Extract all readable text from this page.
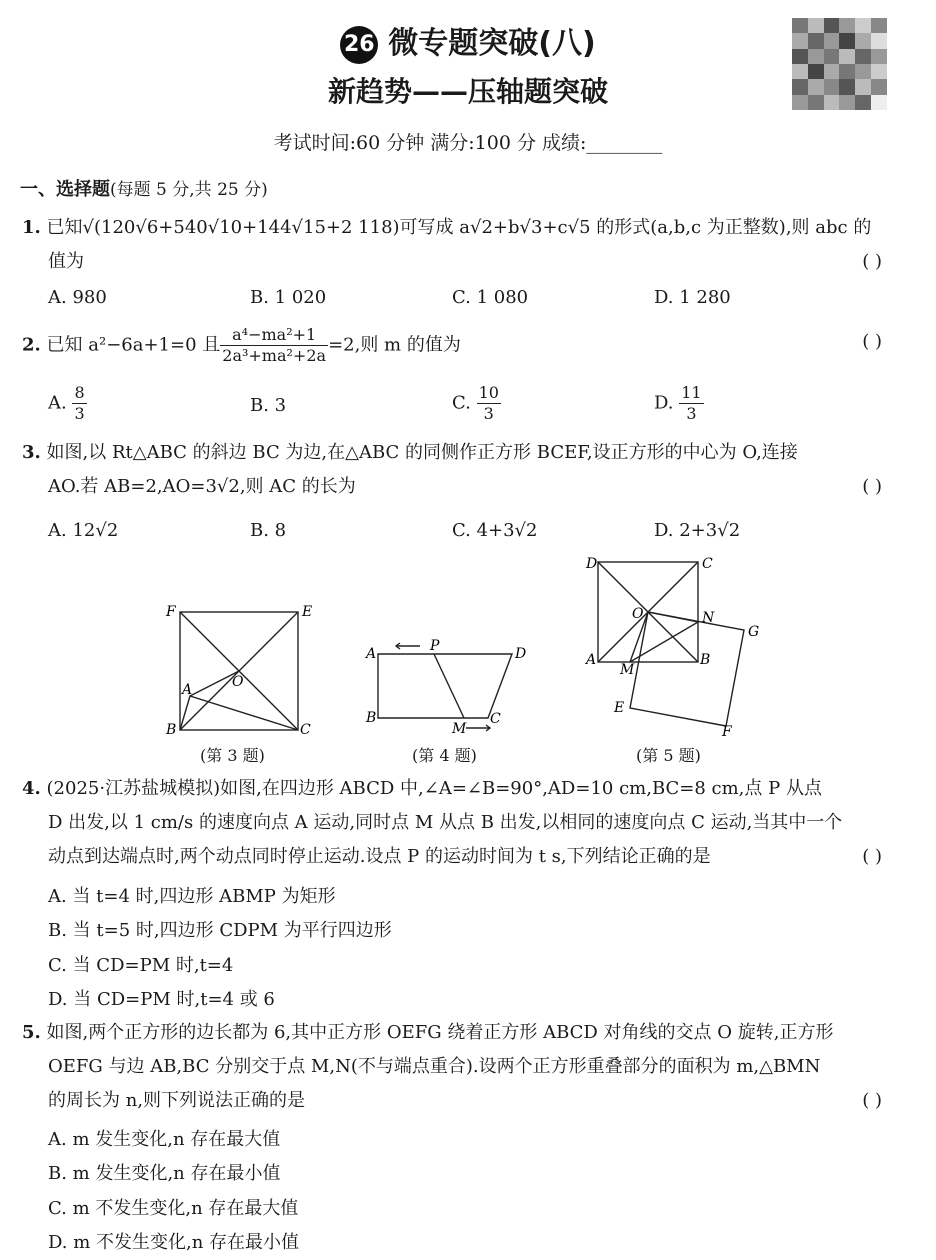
26 微专题突破(八)
新趋势——压轴题突破
考试时间:60 分钟 满分:100 分 成绩:________
一、选择题(每题 5 分,共 25 分)
1. 已知√(120√6+540√10+144√15+2 118)可写成 a√2+b√3+c√5 的形式(a,b,c 为正整数),则 abc 的
值为	( )
A. 980	B. 1 020	C. 1 080	D. 1 280
2. 已知 a²−6a+1=0 且 $\frac{\text{a⁴−ma²+1}}{\text{2a³+ma²+2a}} =2$,则 m 的值为	( )
A. $\frac{8}{3}$	B. 3	C. $\frac{10}{3}$	D. $\frac{11}{3}$
3. 如图,以 Rt△ABC 的斜边 BC 为边,在△ABC 的同侧作正方形 BCEF,设正方形的中心为 O,连接
AO.若 AB=2,AO=3√2,则 AC 的长为	( )
A. 12√2	B. 8	C. 4+3√2	D. 2+3√2
F	E
O
A
B	C
(第 3 题)
A	P	D
B
M
C
(第 4 题)
D	C
O	N
G
A
M
B
E
F
(第 5 题)
4. (2025·江苏盐城模拟)如图,在四边形 ABCD 中,∠A=∠B=90°,AD=10 cm,BC=8 cm,点 P 从点
D 出发,以 1 cm/s 的速度向点 A 运动,同时点 M 从点 B 出发,以相同的速度向点 C 运动,当其中一个
动点到达端点时,两个动点同时停止运动.设点 P 的运动时间为 t s,下列结论正确的是	( )
A. 当 t=4 时,四边形 ABMP 为矩形
B. 当 t=5 时,四边形 CDPM 为平行四边形
C. 当 CD=PM 时,t=4
D. 当 CD=PM 时,t=4 或 6
5. 如图,两个正方形的边长都为 6,其中正方形 OEFG 绕着正方形 ABCD 对角线的交点 O 旋转,正方形
OEFG 与边 AB,BC 分别交于点 M,N(不与端点重合).设两个正方形重叠部分的面积为 m,△BMN
的周长为 n,则下列说法正确的是	( )
A. m 发生变化,n 存在最大值
B. m 发生变化,n 存在最小值
C. m 不发生变化,n 存在最大值
D. m 不发生变化,n 存在最小值
